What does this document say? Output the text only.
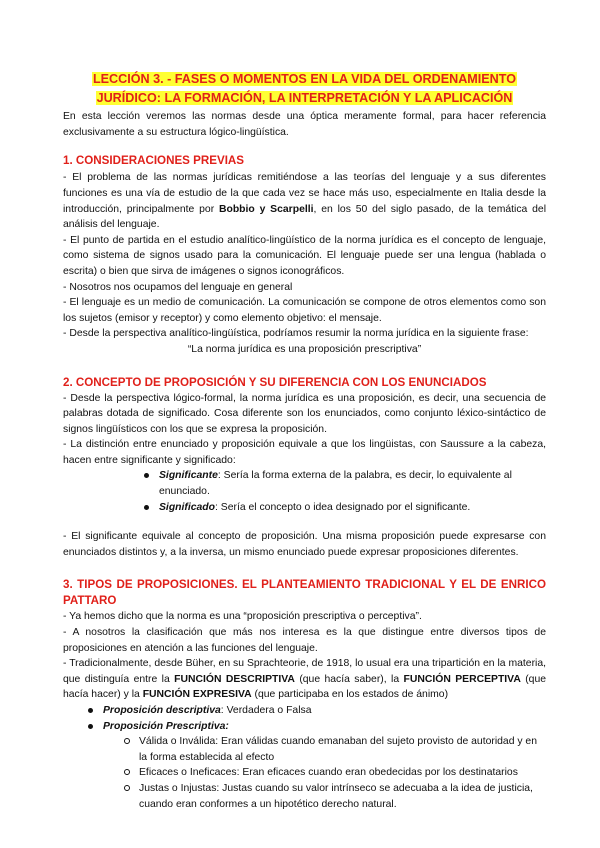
LECCIÓN 3. - FASES O MOMENTOS EN LA VIDA DEL ORDENAMIENTO
JURÍDICO: LA FORMACIÓN, LA INTERPRETACIÓN Y LA APLICACIÓN

En esta lección veremos las normas desde una óptica meramente formal, para hacer referencia exclusivamente a su estructura lógico-lingüística.

1. CONSIDERACIONES PREVIAS

- El problema de las normas jurídicas remitiéndose a las teorías del lenguaje y a sus diferentes funciones es una vía de estudio de la que cada vez se hace más uso, especialmente en Italia desde la introducción, principalmente por Bobbio y Scarpelli, en los 50 del siglo pasado, de la temática del análisis del lenguaje.

- El punto de partida en el estudio analítico-lingüístico de la norma jurídica es el concepto de lenguaje, como sistema de signos usado para la comunicación. El lenguaje puede ser una lengua (hablada o escrita) o bien que sirva de imágenes o signos iconográficos.

- Nosotros nos ocupamos del lenguaje en general

- El lenguaje es un medio de comunicación. La comunicación se compone de otros elementos como son los sujetos (emisor y receptor) y como elemento objetivo: el mensaje.

- Desde la perspectiva analítico-lingüística, podríamos resumir la norma jurídica en la siguiente frase:

“La norma jurídica es una proposición prescriptiva”

2. CONCEPTO DE PROPOSICIÓN Y SU DIFERENCIA CON LOS ENUNCIADOS

- Desde la perspectiva lógico-formal, la norma jurídica es una proposición, es decir, una secuencia de palabras dotada de significado. Cosa diferente son los enunciados, como conjunto léxico-sintáctico de signos lingüísticos con los que se expresa la proposición.

- La distinción entre enunciado y proposición equivale a que los lingüistas, con Saussure a la cabeza, hacen entre significante y significado:

Significante: Sería la forma externa de la palabra, es decir, lo equivalente al enunciado.
Significado: Sería el concepto o idea designado por el significante.

- El significante equivale al concepto de proposición. Una misma proposición puede expresarse con enunciados distintos y, a la inversa, un mismo enunciado puede expresar proposiciones diferentes.

3. TIPOS DE PROPOSICIONES. EL PLANTEAMIENTO TRADICIONAL Y EL DE ENRICO PATTARO

- Ya hemos dicho que la norma es una “proposición prescriptiva o perceptiva”.

- A nosotros la clasificación que más nos interesa es la que distingue entre diversos tipos de proposiciones en atención a las funciones del lenguaje.

- Tradicionalmente, desde Büher, en su Sprachteorie, de 1918, lo usual era una tripartición en la materia, que distinguía entre la FUNCIÓN DESCRIPTIVA (que hacía saber), la FUNCIÓN PERCEPTIVA (que hacía hacer) y la FUNCIÓN EXPRESIVA (que participaba en los estados de ánimo)

Proposición descriptiva: Verdadera o Falsa
Proposición Prescriptiva:
Válida o Inválida: Eran válidas cuando emanaban del sujeto provisto de autoridad y en la forma establecida al efecto
Eficaces o Ineficaces: Eran eficaces cuando eran obedecidas por los destinatarios
Justas o Injustas: Justas cuando su valor intrínseco se adecuaba a la idea de justicia, cuando eran conformes a un hipotético derecho natural.
